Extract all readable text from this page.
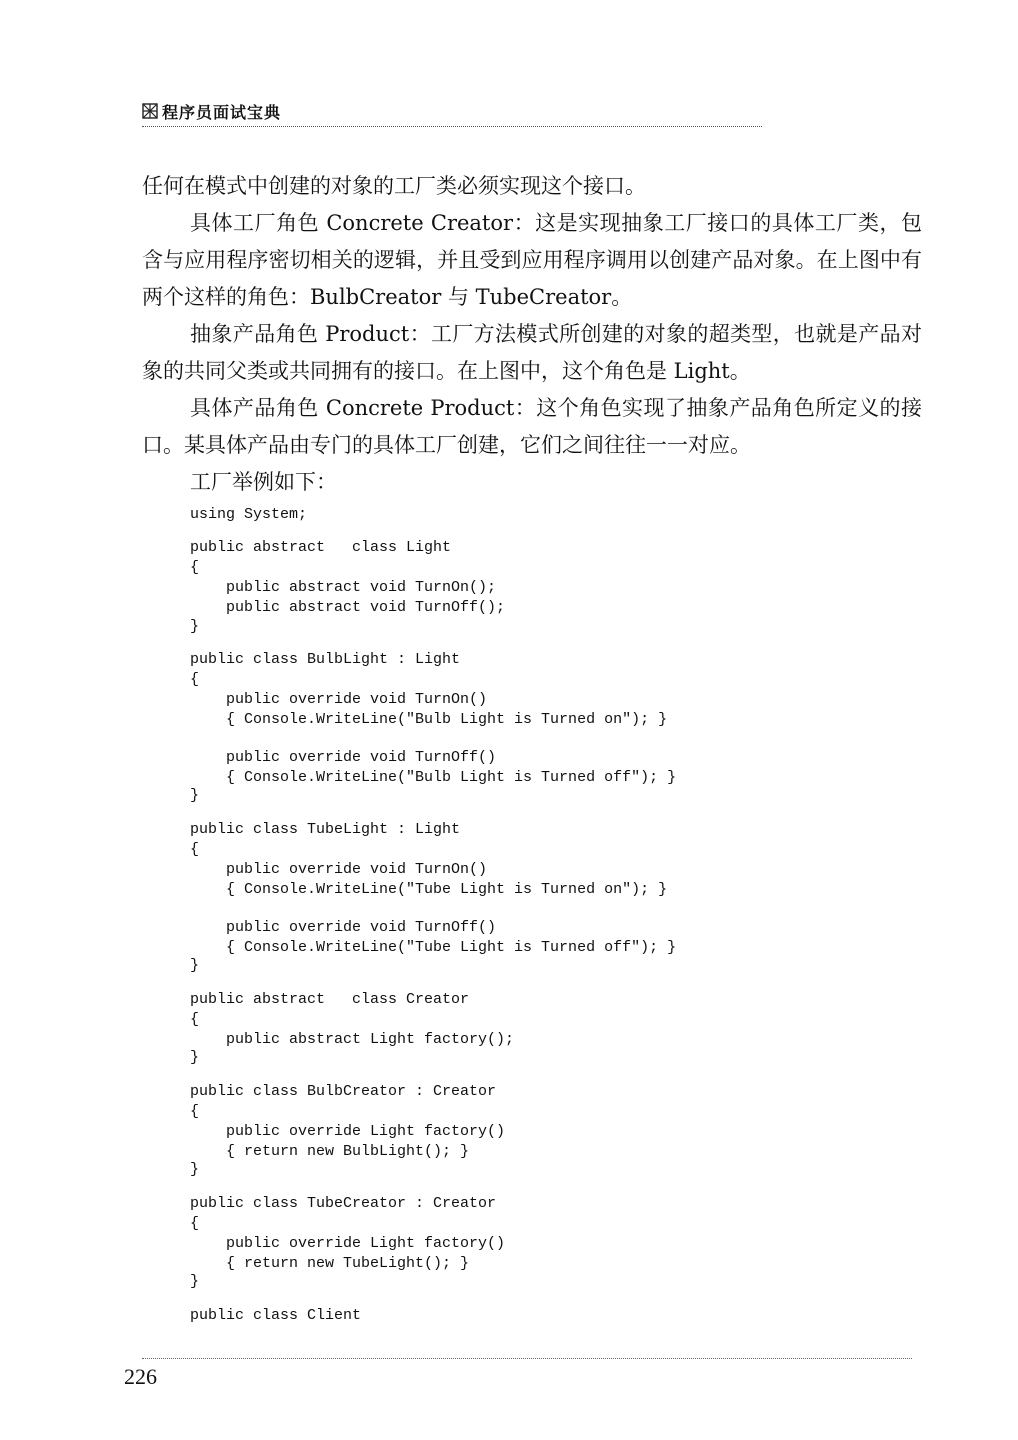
程序员面试宝典

任何在模式中创建的对象的工厂类必须实现这个接口。

具体工厂角色 Concrete Creator：这是实现抽象工厂接口的具体工厂类，包含与应用程序密切相关的逻辑，并且受到应用程序调用以创建产品对象。在上图中有两个这样的角色：BulbCreator 与 TubeCreator。

抽象产品角色 Product：工厂方法模式所创建的对象的超类型，也就是产品对象的共同父类或共同拥有的接口。在上图中，这个角色是 Light。

具体产品角色 Concrete Product：这个角色实现了抽象产品角色所定义的接口。某具体产品由专门的具体工厂创建，它们之间往往一一对应。

工厂举例如下：

using System;
public abstract   class Light
{
public abstract void TurnOn();
public abstract void TurnOff();
}
public class BulbLight : Light
{
public override void TurnOn()
{ Console.WriteLine("Bulb Light is Turned on"); }
public override void TurnOff()
{ Console.WriteLine("Bulb Light is Turned off"); }
}
public class TubeLight : Light
{
public override void TurnOn()
{ Console.WriteLine("Tube Light is Turned on"); }
public override void TurnOff()
{ Console.WriteLine("Tube Light is Turned off"); }
}
public abstract   class Creator
{
public abstract Light factory();
}
public class BulbCreator : Creator
{
public override Light factory()
{ return new BulbLight(); }
}
public class TubeCreator : Creator
{
public override Light factory()
{ return new TubeLight(); }
}
public class Client
226
